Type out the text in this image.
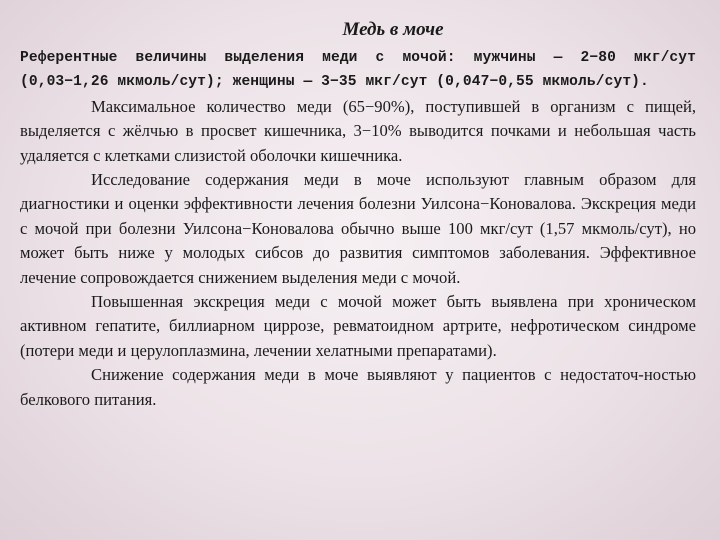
Медь в моче

Референтные величины выделения меди с мочой: мужчины — 2−80 мкг/сут (0,03−1,26 мкмоль/сут); женщины — 3−35 мкг/сут (0,047−0,55 мкмоль/сут).

Максимальное количество меди (65−90%), поступившей в организм с пищей, выделяется с жёлчью в просвет кишечника, 3−10% выводится почками и небольшая часть удаляется с клетками слизистой оболочки кишечника.

Исследование содержания меди в моче используют главным образом для диагностики и оценки эффективности лечения болезни Уилсона−Коновалова. Экскреция меди с мочой при болезни Уилсона−Коновалова обычно выше 100 мкг/сут (1,57 мкмоль/сут), но может быть ниже у молодых сибсов до развития симптомов заболевания. Эффективное лечение сопровождается снижением выделения меди с мочой.

Повышенная экскреция меди с мочой может быть выявлена при хроническом активном гепатите, биллиарном циррозе, ревматоидном артрите, нефротическом синдроме (потери меди и церулоплазмина, лечении хелатными препаратами).

Снижение содержания меди в моче выявляют у пациентов с недостаточ-ностью белкового питания.
